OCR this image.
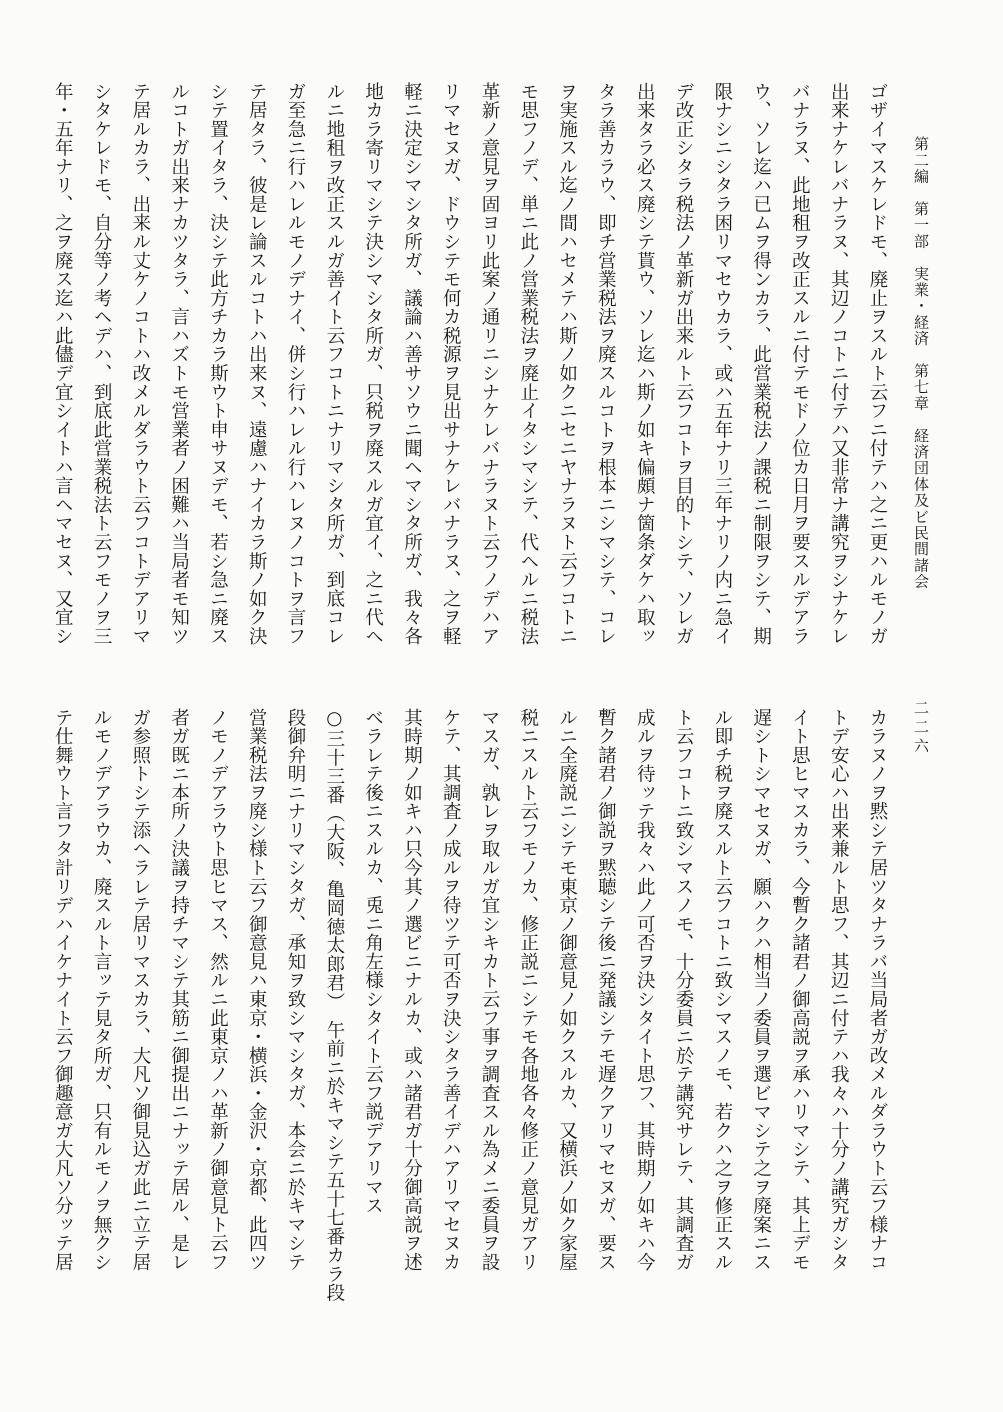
第二編　第一部　実業・経済　第七章　経済団体及ビ民間諸会
二二六
ゴザイマスケレドモ、廃止ヲスルト云フニ付テハ之ニ更ハルモノガ
出来ナケレバナラヌ、其辺ノコトニ付テハ又非常ナ講究ヲシナケレ
バナラヌ、此地租ヲ改正スルニ付テモドノ位カ日月ヲ要スルデアラ
ウ、ソレ迄ハ已ムヲ得ンカラ、此営業税法ノ課税ニ制限ヲシテ、期
限ナシニシタラ困リマセウカラ、或ハ五年ナリ三年ナリノ内ニ急イ
デ改正シタラ税法ノ革新ガ出来ルト云フコトヲ目的トシテ、ソレガ
出来タラ必ス廃シテ貰ウ、ソレ迄ハ斯ノ如キ偏頗ナ箇条ダケハ取ッ
タラ善カラウ、即チ営業税法ヲ廃スルコトヲ根本ニシマシテ、コレ
ヲ実施スル迄ノ間ハセメテハ斯ノ如クニセニヤナラヌト云フコトニ
モ思フノデ、単ニ此ノ営業税法ヲ廃止イタシマシテ、代ヘルニ税法
革新ノ意見ヲ固ヨリ此案ノ通リニシナケレバナラヌト云フノデハア
リマセヌガ、ドウシテモ何カ税源ヲ見出サナケレバナラヌ、之ヲ軽
軽ニ決定シマシタ所ガ、議論ハ善サソウニ聞ヘマシタ所ガ、我々各
地カラ寄リマシテ決シマシタ所ガ、只税ヲ廃スルガ宜イ、之ニ代ヘ
ルニ地租ヲ改正スルガ善イト云フコトニナリマシタ所ガ、到底コレ
ガ至急ニ行ハレルモノデナイ、併シ行ハレル行ハレヌノコトヲ言フ
テ居タラ、彼是レ論スルコトハ出来ヌ、遠慮ハナイカラ斯ノ如ク決
シテ置イタラ、決シテ此方チカラ斯ウト申サヌデモ、若シ急ニ廃ス
ルコトガ出来ナカツタラ、言ハズトモ営業者ノ困難ハ当局者モ知ツ
テ居ルカラ、出来ル丈ケノコトハ改メルダラウト云フコトデアリマ
シタケレドモ、自分等ノ考ヘデハ、到底此営業税法ト云フモノヲ三
年・五年ナリ、之ヲ廃ス迄ハ此儘デ宜シイトハ言ヘマセヌ、又宜シ
カラヌノヲ黙シテ居ツタナラバ当局者ガ改メルダラウト云フ様ナコ
トデ安心ハ出来兼ルト思フ、其辺ニ付テハ我々ハ十分ノ講究ガシタ
イト思ヒマスカラ、今暫ク諸君ノ御高説ヲ承ハリマシテ、其上デモ
遅シトシマセヌガ、願ハクハ相当ノ委員ヲ選ビマシテ之ヲ廃案ニス
ル即チ税ヲ廃スルト云フコトニ致シマスノモ、若クハ之ヲ修正スル
ト云フコトニ致シマスノモ、十分委員ニ於テ講究サレテ、其調査ガ
成ルヲ待ッテ我々ハ此ノ可否ヲ決シタイト思フ、其時期ノ如キハ今
暫ク諸君ノ御説ヲ黙聴シテ後ニ発議シテモ遅クアリマセヌガ、要ス
ルニ全廃説ニシテモ東京ノ御意見ノ如クスルカ、又横浜ノ如ク家屋
税ニスルト云フモノカ、修正説ニシテモ各地各々修正ノ意見ガアリ
マスガ、孰レヲ取ルガ宜シキカト云フ事ヲ調査スル為メニ委員ヲ設
ケテ、其調査ノ成ルヲ待ツテ可否ヲ決シタラ善イデハアリマセヌカ
其時期ノ如キハ只今其ノ選ビニナルカ、或ハ諸君ガ十分御高説ヲ述
ベラレテ後ニスルカ、兎ニ角左様シタイト云フ説デアリマス
○三十三番（大阪、亀岡徳太郎君）　午前ニ於キマシテ五十七番カラ段
段御弁明ニナリマシタガ、承知ヲ致シマシタガ、本会ニ於キマシテ
営業税法ヲ廃シ様ト云フ御意見ハ東京・横浜・金沢・京都、此四ツ
ノモノデアラウト思ヒマス、然ルニ此東京ノハ革新ノ御意見ト云フ
者ガ既ニ本所ノ決議ヲ持チマシテ其筋ニ御提出ニナッテ居ル、是レ
ガ参照トシテ添ヘラレテ居リマスカラ、大凡ソ御見込ガ此ニ立テ居
ルモノデアラウカ、廃スルト言ッテ見タ所ガ、只有ルモノヲ無クシ
テ仕舞ウト言フタ計リデハイケナイト云フ御趣意ガ大凡ソ分ッテ居
